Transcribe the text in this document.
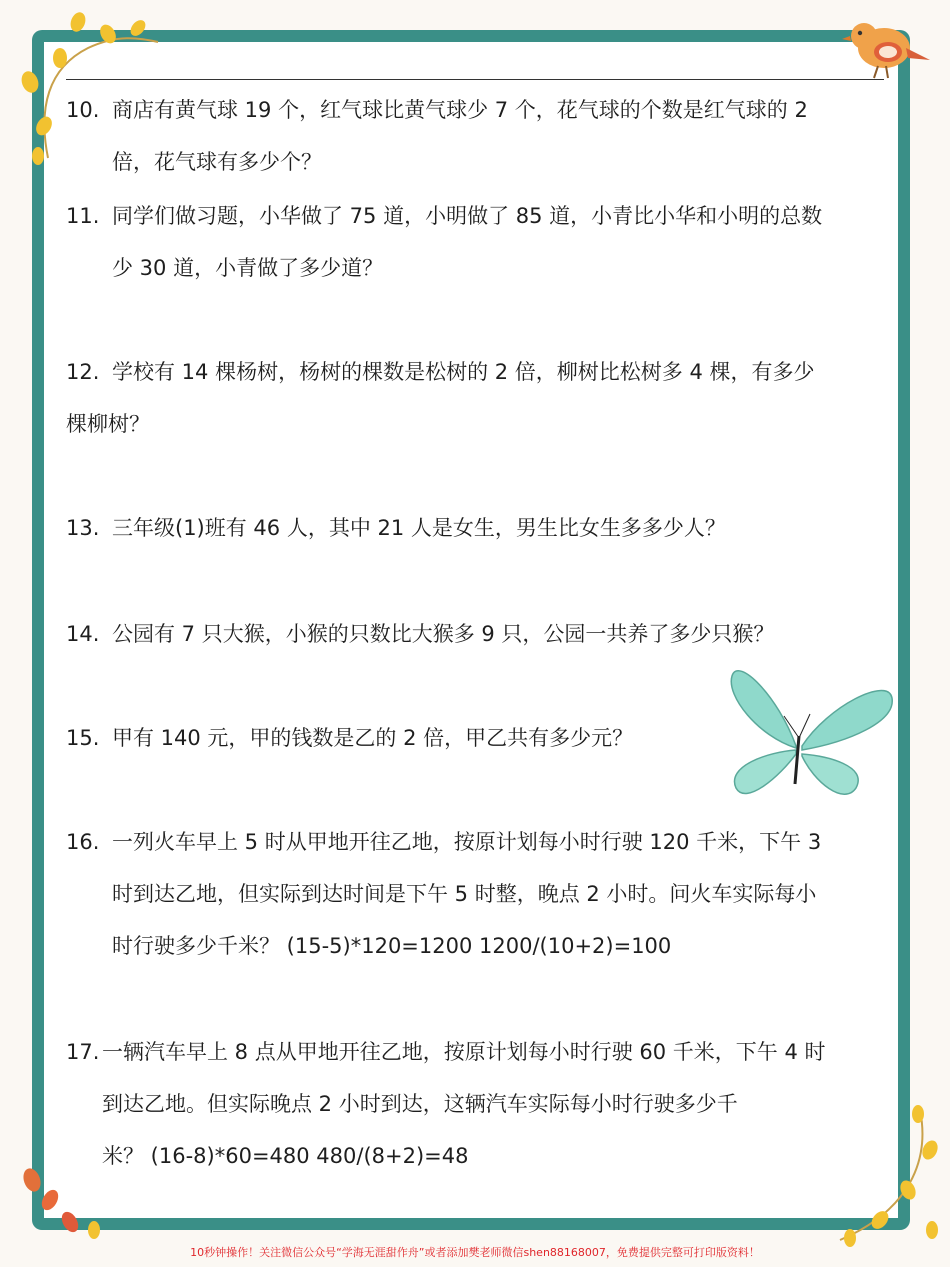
10. 商店有黄气球 19 个，红气球比黄气球少 7 个，花气球的个数是红气球的 2
倍，花气球有多少个？
11. 同学们做习题，小华做了 75 道，小明做了 85 道，小青比小华和小明的总数
少 30 道，小青做了多少道？
12. 学校有 14 棵杨树，杨树的棵数是松树的 2 倍，柳树比松树多 4 棵，有多少
棵柳树？
13. 三年级(1)班有 46 人，其中 21 人是女生，男生比女生多多少人？
14. 公园有 7 只大猴，小猴的只数比大猴多 9 只，公园一共养了多少只猴？
15. 甲有 140 元，甲的钱数是乙的 2 倍，甲乙共有多少元？
16. 一列火车早上 5 时从甲地开往乙地，按原计划每小时行驶 120 千米，下午 3
时到达乙地，但实际到达时间是下午 5 时整，晚点 2 小时。问火车实际每小
时行驶多少千米？ (15-5)*120=1200 1200/(10+2)=100
17. 一辆汽车早上 8 点从甲地开往乙地，按原计划每小时行驶 60 千米，下午 4 时
到达乙地。但实际晚点 2 小时到达，这辆汽车实际每小时行驶多少千
米？ (16-8)*60=480 480/(8+2)=48
10秒钟操作！关注微信公众号“学海无涯甜作舟”或者添加樊老师微信shen88168007，免费提供完整可打印版资料！
